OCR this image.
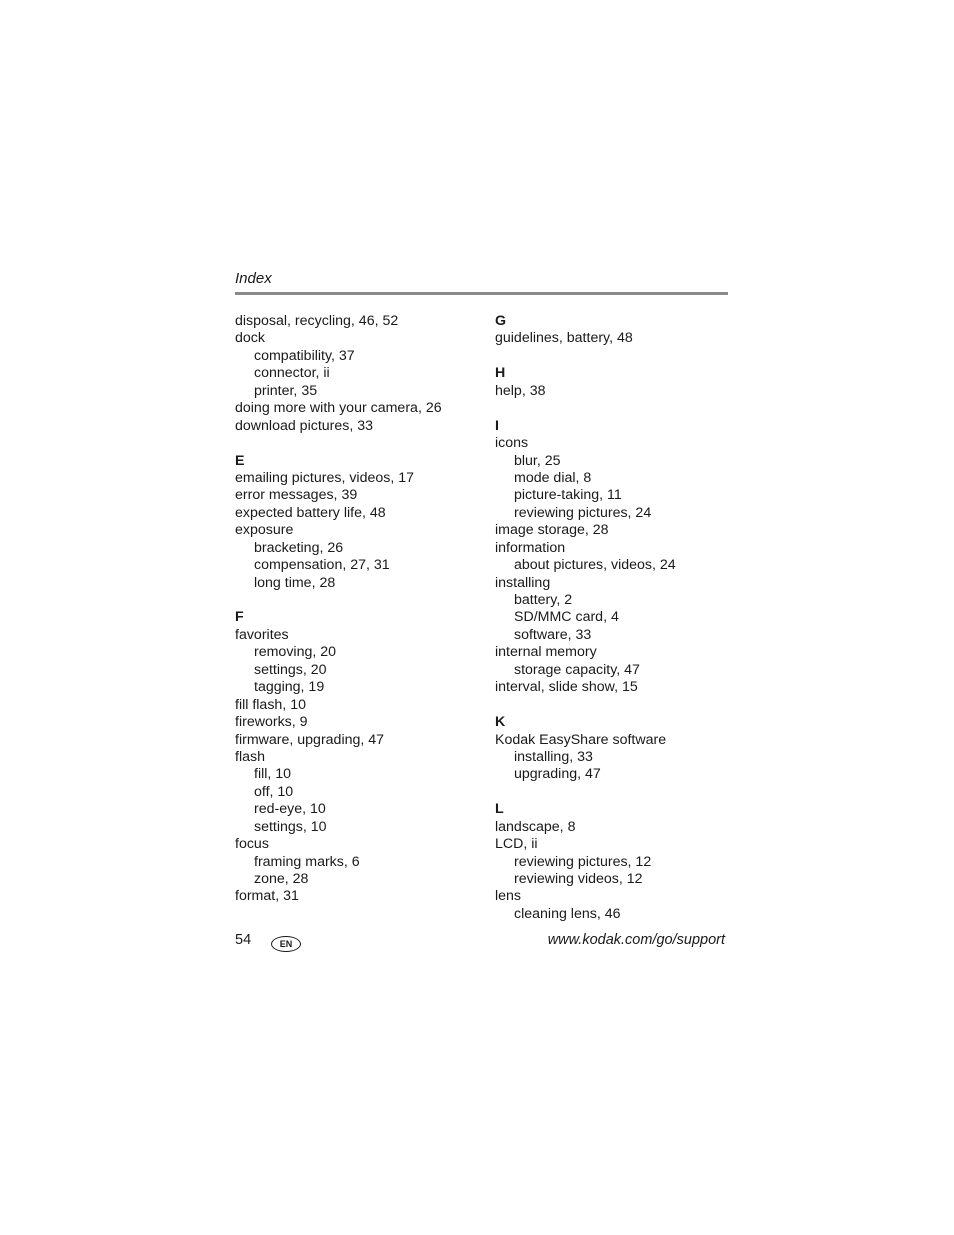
Index
disposal, recycling, 46, 52
dock
compatibility, 37
connector, ii
printer, 35
doing more with your camera, 26
download pictures, 33
E
emailing pictures, videos, 17
error messages, 39
expected battery life, 48
exposure
bracketing, 26
compensation, 27, 31
long time, 28
F
favorites
removing, 20
settings, 20
tagging, 19
fill flash, 10
fireworks, 9
firmware, upgrading, 47
flash
fill, 10
off, 10
red-eye, 10
settings, 10
focus
framing marks, 6
zone, 28
format, 31
G
guidelines, battery, 48
H
help, 38
I
icons
blur, 25
mode dial, 8
picture-taking, 11
reviewing pictures, 24
image storage, 28
information
about pictures, videos, 24
installing
battery, 2
SD/MMC card, 4
software, 33
internal memory
storage capacity, 47
interval, slide show, 15
K
Kodak EasyShare software
installing, 33
upgrading, 47
L
landscape, 8
LCD, ii
reviewing pictures, 12
reviewing videos, 12
lens
cleaning lens, 46
54	EN	www.kodak.com/go/support
